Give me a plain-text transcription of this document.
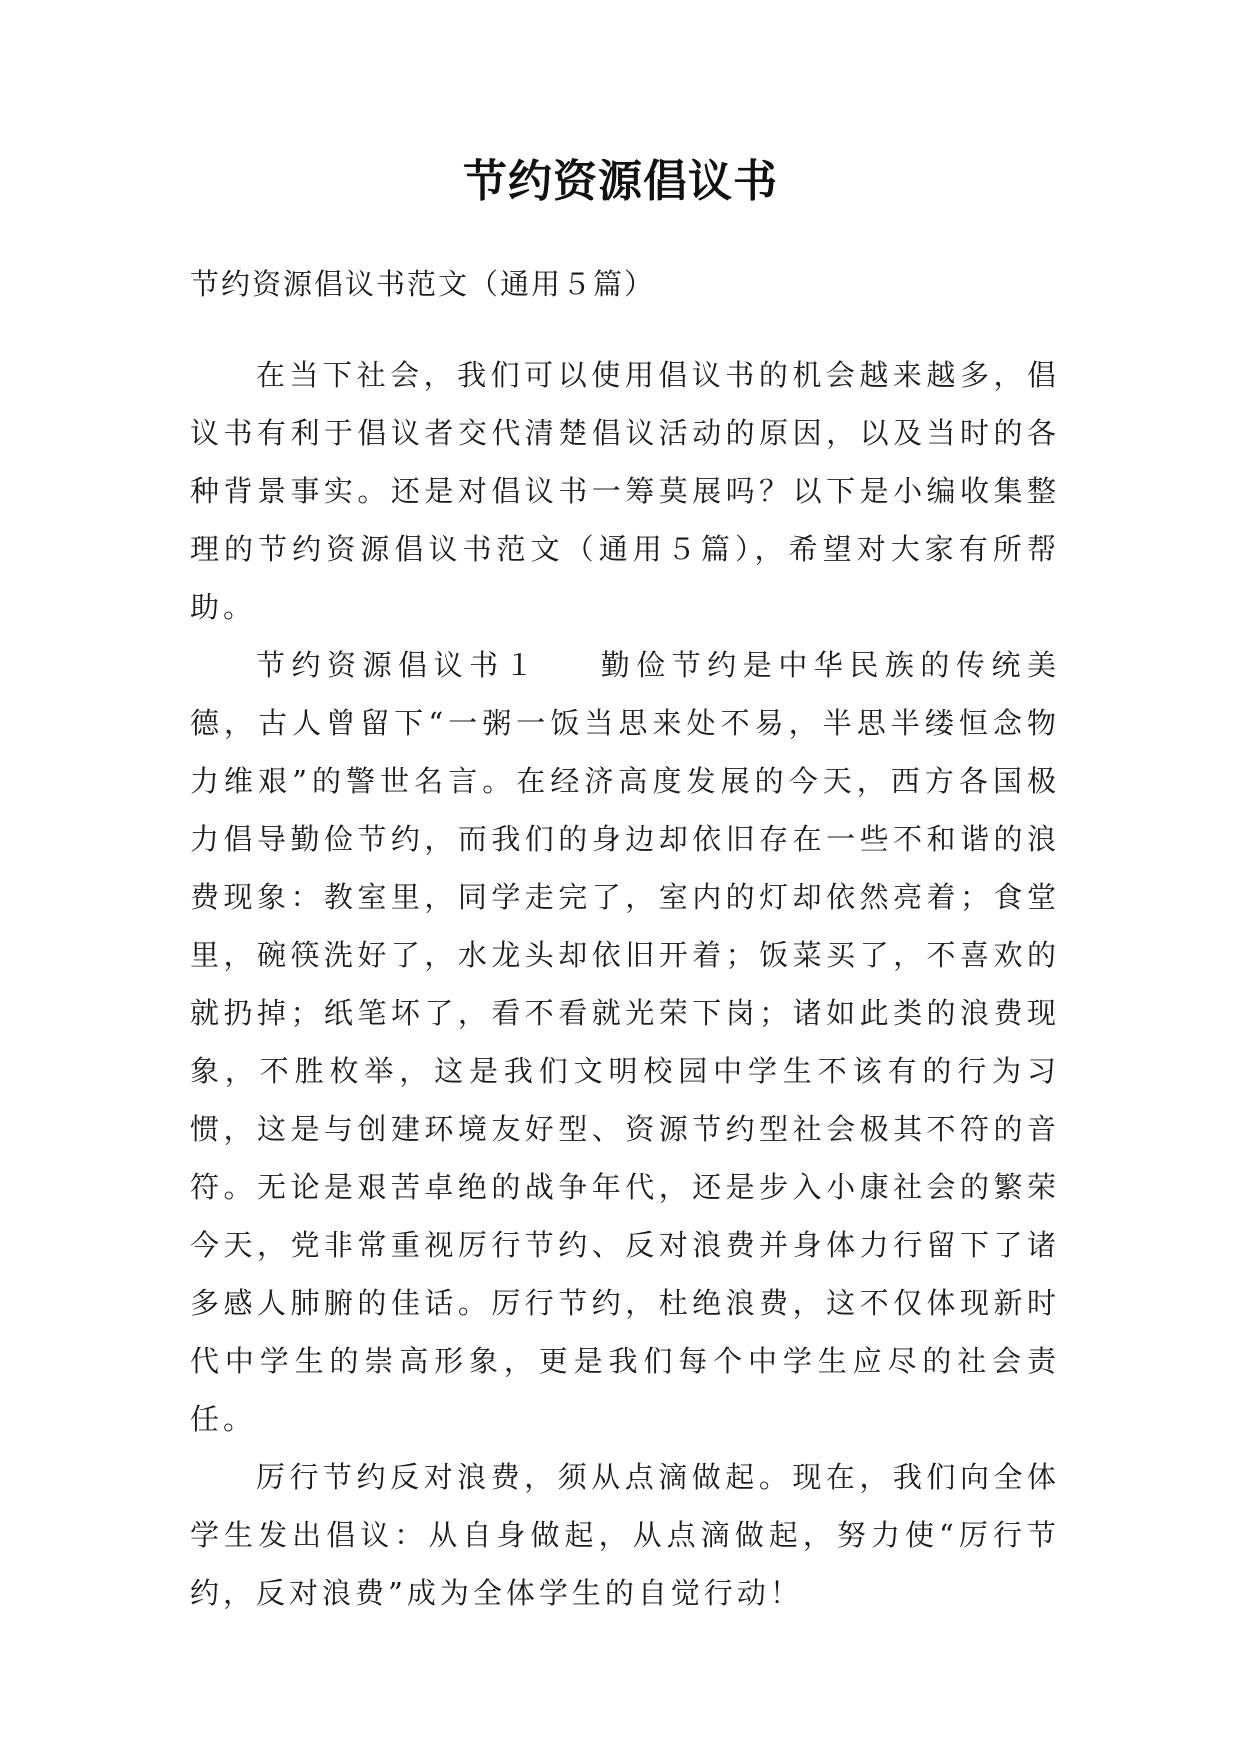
节约资源倡议书
节约资源倡议书范文（通用５篇）

在当下社会，我们可以使用倡议书的机会越来越多，倡议书有利于倡议者交代清楚倡议活动的原因，以及当时的各种背景事实。还是对倡议书一筹莫展吗？以下是小编收集整理的节约资源倡议书范文（通用５篇），希望对大家有所帮助。

节约资源倡议书１ 勤俭节约是中华民族的传统美德，古人曾留下“一粥一饭当思来处不易，半思半缕恒念物力维艰”的警世名言。在经济高度发展的今天，西方各国极力倡导勤俭节约，而我们的身边却依旧存在一些不和谐的浪费现象：教室里，同学走完了，室内的灯却依然亮着；食堂里，碗筷洗好了，水龙头却依旧开着；饭菜买了，不喜欢的就扔掉；纸笔坏了，看不看就光荣下岗；诸如此类的浪费现象，不胜枚举，这是我们文明校园中学生不该有的行为习惯，这是与创建环境友好型、资源节约型社会极其不符的音符。无论是艰苦卓绝的战争年代，还是步入小康社会的繁荣今天，党非常重视厉行节约、反对浪费并身体力行留下了诸多感人肺腑的佳话。厉行节约，杜绝浪费，这不仅体现新时代中学生的崇高形象，更是我们每个中学生应尽的社会责任。

厉行节约反对浪费，须从点滴做起。现在，我们向全体学生发出倡议：从自身做起，从点滴做起，努力使“厉行节约，反对浪费”成为全体学生的自觉行动！
